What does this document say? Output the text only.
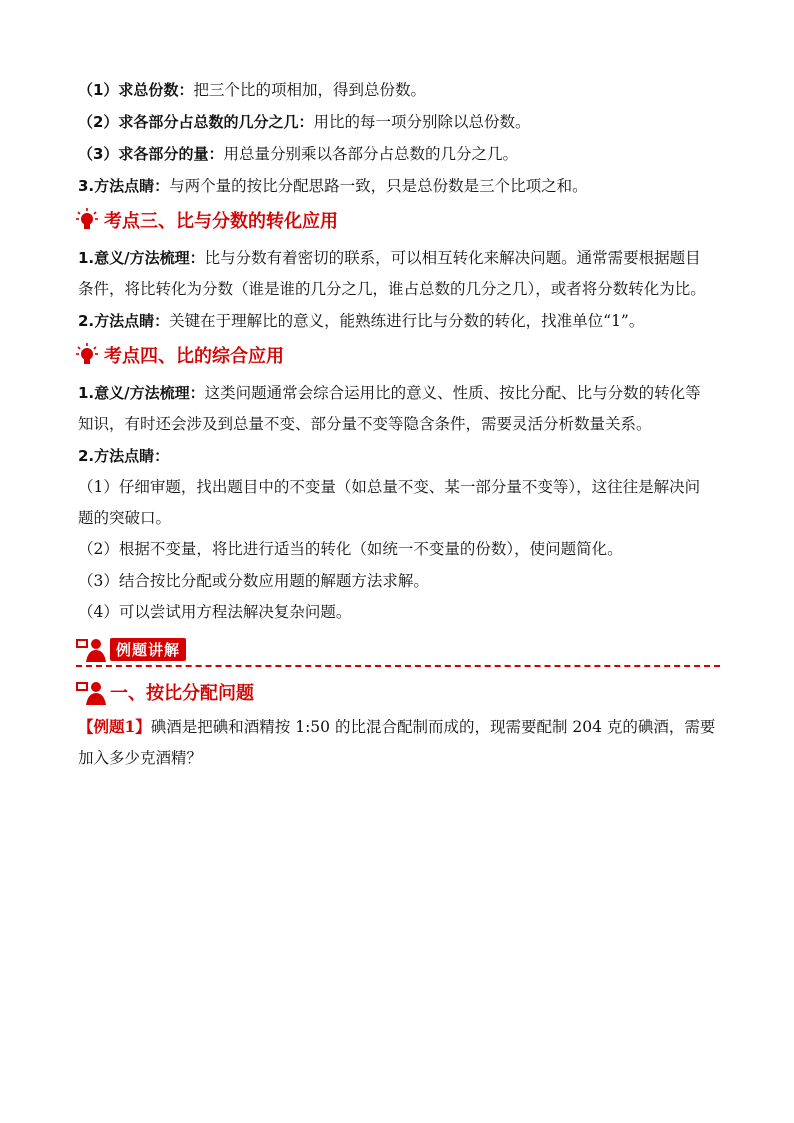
（1）求总份数：把三个比的项相加，得到总份数。
（2）求各部分占总数的几分之几：用比的每一项分别除以总份数。
（3）求各部分的量：用总量分别乘以各部分占总数的几分之几。
3.方法点睛：与两个量的按比分配思路一致，只是总份数是三个比项之和。
考点三、比与分数的转化应用
1.意义/方法梳理：比与分数有着密切的联系，可以相互转化来解决问题。通常需要根据题目
条件，将比转化为分数（谁是谁的几分之几，谁占总数的几分之几），或者将分数转化为比。
2.方法点睛：关键在于理解比的意义，能熟练进行比与分数的转化，找准单位“1”。
考点四、比的综合应用
1.意义/方法梳理：这类问题通常会综合运用比的意义、性质、按比分配、比与分数的转化等
知识，有时还会涉及到总量不变、部分量不变等隐含条件，需要灵活分析数量关系。
2.方法点睛：
（1）仔细审题，找出题目中的不变量（如总量不变、某一部分量不变等），这往往是解决问
题的突破口。
（2）根据不变量，将比进行适当的转化（如统一不变量的份数），使问题简化。
（3）结合按比分配或分数应用题的解题方法求解。
（4）可以尝试用方程法解决复杂问题。
例题讲解
一、按比分配问题
【例题1】碘酒是把碘和酒精按 1:50 的比混合配制而成的，现需要配制 204 克的碘酒，需要
加入多少克酒精？
